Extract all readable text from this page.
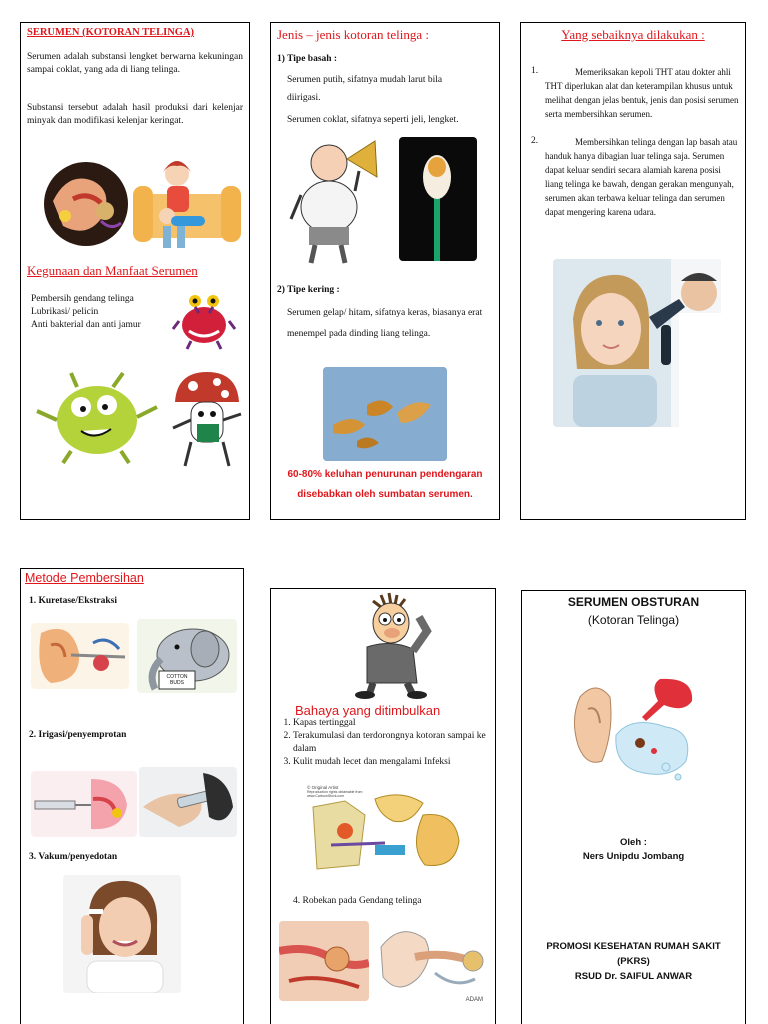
SERUMEN (KOTORAN TELINGA)

Serumen adalah substansi lengket berwarna kekuningan sampai coklat, yang ada di liang telinga.

Substansi tersebut adalah hasil produksi dari kelenjar minyak dan modifikasi kelenjar keringat.

Kegunaan dan Manfaat Serumen

Pembersih gendang telinga

Lubrikasi/ pelicin

Anti bakterial dan anti jamur

Jenis – jenis kotoran telinga :

1) Tipe basah :

Serumen putih, sifatnya mudah larut bila diirigasi.

Serumen coklat, sifatnya seperti jeli, lengket.

2) Tipe kering :

Serumen gelap/ hitam, sifatnya keras, biasanya erat menempel pada dinding liang telinga.

60-80% keluhan penurunan pendengaran

disebabkan oleh sumbatan serumen.

Yang sebaiknya dilakukan :

1.	Memeriksakan kepoli THT atau dokter ahli THT diperlukan alat dan keterampilan khusus untuk melihat dengan jelas bentuk, jenis dan posisi serumen serta membersihkan serumen.

2.	Membersihkan telinga dengan lap basah atau handuk hanya dibagian luar telinga saja. Serumen dapat keluar sendiri secara alamiah karena posisi liang telinga ke bawah, dengan gerakan mengunyah, serumen akan terbawa keluar telinga dan serumen dapat mengering karena udara.

Metode Pembersihan

1. Kuretase/Ekstraksi

COTTON BUDS

2. Irigasi/penyemprotan

3. Vakum/penyedotan

Bahaya yang ditimbulkan

1. Kapas tertinggal
2. Terakumulasi dan terdorongnya kotoran sampai ke dalam
3. Kulit mudah lecet dan mengalami Infeksi
© Original Artist
Reproduction rights obtainable from www.CartoonStock.com

4. Robekan pada Gendang telinga

ADAM

SERUMEN OBSTURAN

(Kotoran Telinga)

Oleh :

Ners Unipdu Jombang

PROMOSI KESEHATAN RUMAH SAKIT

(PKRS)

RSUD Dr. SAIFUL ANWAR
